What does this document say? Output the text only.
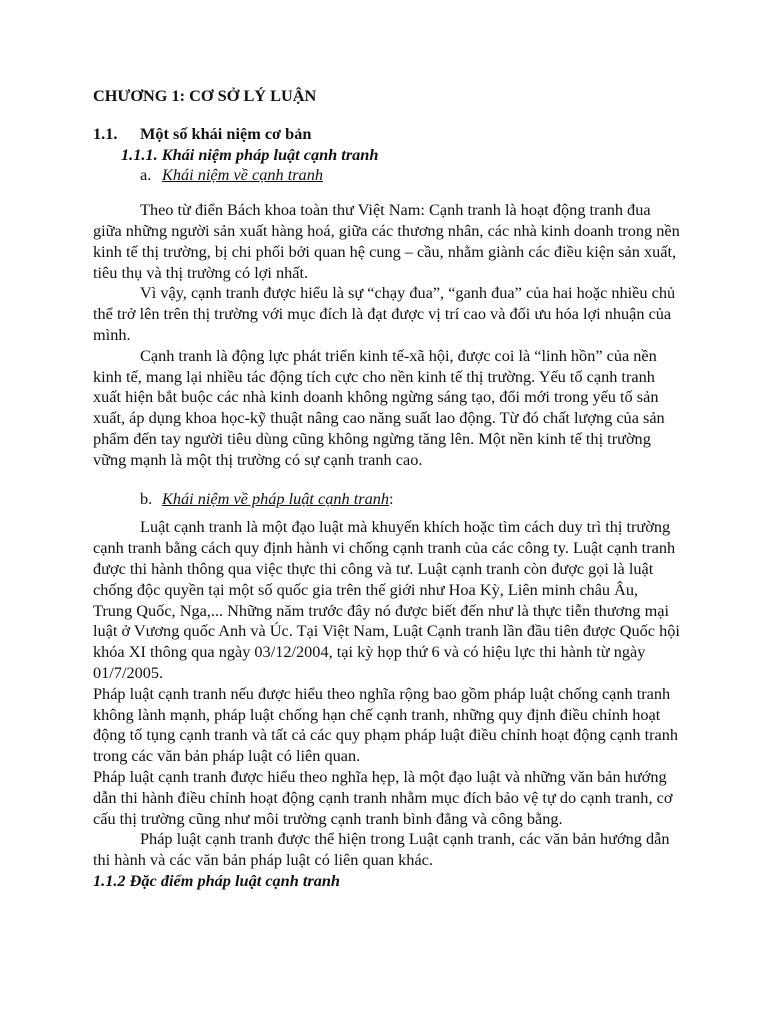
CHƯƠNG 1: CƠ SỞ LÝ LUẬN

1.1. Một số khái niệm cơ bản

1.1.1. Khái niệm pháp luật cạnh tranh

a. Khái niệm về cạnh tranh

Theo từ điển Bách khoa toàn thư Việt Nam: Cạnh tranh là hoạt động tranh đua giữa những người sản xuất hàng hoá, giữa các thương nhân, các nhà kinh doanh trong nền kinh tế thị trường, bị chi phối bởi quan hệ cung – cầu, nhằm giành các điều kiện sản xuất, tiêu thụ và thị trường có lợi nhất.

Vì vậy, cạnh tranh được hiểu là sự “chạy đua”, “ganh đua” của hai hoặc nhiều chủ thể trở lên trên thị trường với mục đích là đạt được vị trí cao và đối ưu hóa lợi nhuận của mình.

Cạnh tranh là động lực phát triển kinh tế-xã hội, được coi là “linh hồn” của nền kinh tế, mang lại nhiều tác động tích cực cho nền kinh tế thị trường. Yếu tố cạnh tranh xuất hiện bắt buộc các nhà kinh doanh không ngừng sáng tạo, đổi mới trong yếu tố sản xuất, áp dụng khoa học-kỹ thuật nâng cao năng suất lao động. Từ đó chất lượng của sản phẩm đến tay người tiêu dùng cũng không ngừng tăng lên. Một nền kinh tế thị trường vững mạnh là một thị trường có sự cạnh tranh cao.

b. Khái niệm về pháp luật cạnh tranh:

Luật cạnh tranh là một đạo luật mà khuyến khích hoặc tìm cách duy trì thị trường cạnh tranh bằng cách quy định hành vi chống cạnh tranh của các công ty. Luật cạnh tranh được thi hành thông qua việc thực thi công và tư. Luật cạnh tranh còn được gọi là luật chống độc quyền tại một số quốc gia trên thế giới như Hoa Kỳ, Liên minh châu Âu, Trung Quốc, Nga,... Những năm trước đây nó được biết đến như là thực tiễn thương mại luật ở Vương quốc Anh và Úc. Tại Việt Nam, Luật Cạnh tranh lần đầu tiên được Quốc hội khóa XI thông qua ngày 03/12/2004, tại kỳ họp thứ 6 và có hiệu lực thi hành từ ngày 01/7/2005.

Pháp luật cạnh tranh nếu được hiểu theo nghĩa rộng bao gồm pháp luật chống cạnh tranh không lành mạnh, pháp luật chống hạn chế cạnh tranh, những quy định điều chỉnh hoạt động tố tụng cạnh tranh và tất cả các quy phạm pháp luật điều chỉnh hoạt động cạnh tranh trong các văn bản pháp luật có liên quan.

Pháp luật cạnh tranh được hiểu theo nghĩa hẹp, là một đạo luật và những văn bản hướng dẫn thi hành điều chỉnh hoạt động cạnh tranh nhằm mục đích bảo vệ tự do cạnh tranh, cơ cấu thị trường cũng như môi trường cạnh tranh bình đẳng và công bằng.

Pháp luật cạnh tranh được thể hiện trong Luật cạnh tranh, các văn bản hướng dẫn thi hành và các văn bản pháp luật có liên quan khác.

1.1.2 Đặc điểm pháp luật cạnh tranh
